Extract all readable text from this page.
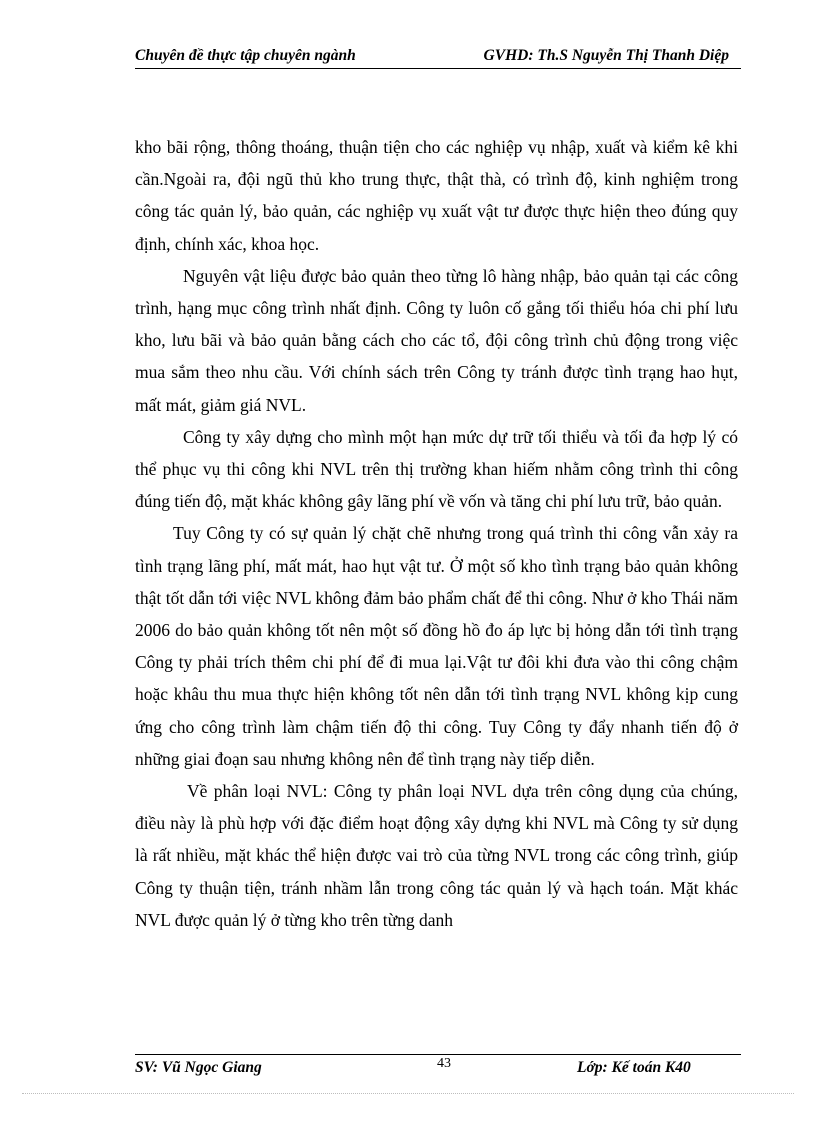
Chuyên đề thực tập chuyên ngành	GVHD: Th.S Nguyễn Thị Thanh Diệp

kho bãi rộng, thông thoáng, thuận tiện cho các nghiệp vụ nhập, xuất và kiểm kê khi cần.Ngoài ra, đội ngũ thủ kho trung thực, thật thà, có trình độ, kinh nghiệm trong công tác quản lý, bảo quản, các nghiệp vụ xuất vật tư được thực hiện theo đúng quy định, chính xác, khoa học.

Nguyên vật liệu được bảo quản theo từng lô hàng nhập, bảo quản tại các công trình, hạng mục công trình nhất định. Công ty luôn cố gắng tối thiểu hóa chi phí lưu kho, lưu bãi và bảo quản bằng cách cho các tổ, đội công trình chủ động trong việc mua sắm theo nhu cầu. Với chính sách trên Công ty tránh được tình trạng hao hụt, mất mát, giảm giá NVL.

Công ty xây dựng cho mình một hạn mức dự trữ tối thiểu và tối đa hợp lý có thể phục vụ thi công khi NVL trên thị trường khan hiếm nhằm công trình thi công đúng tiến độ, mặt khác không gây lãng phí về vốn và tăng chi phí lưu trữ, bảo quản.

Tuy Công ty có sự quản lý chặt chẽ nhưng trong quá trình thi công vẫn xảy ra tình trạng lãng phí, mất mát, hao hụt vật tư. Ở một số kho tình trạng bảo quản không thật tốt dẫn tới việc NVL không đảm bảo phẩm chất để thi công. Như ở kho Thái năm 2006 do bảo quản không tốt nên một số đồng hồ đo áp lực bị hỏng dẫn tới tình trạng Công ty phải trích thêm chi phí để đi mua lại.Vật tư đôi khi đưa vào thi công chậm hoặc khâu thu mua thực hiện không tốt nên dẫn tới tình trạng NVL không kịp cung ứng cho công trình làm chậm tiến độ thi công. Tuy Công ty đẩy nhanh tiến độ ở những giai đoạn sau nhưng không nên để tình trạng này tiếp diễn.

Về phân loại NVL: Công ty phân loại NVL dựa trên công dụng của chúng, điều này là phù hợp với đặc điểm hoạt động xây dựng khi NVL mà Công ty sử dụng là rất nhiều, mặt khác thể hiện được vai trò của từng NVL trong các công trình, giúp Công ty thuận tiện, tránh nhầm lẫn trong công tác quản lý và hạch toán. Mặt khác NVL được quản lý ở từng kho trên từng danh

SV: Vũ Ngọc Giang	43	Lớp: Kế toán K40
